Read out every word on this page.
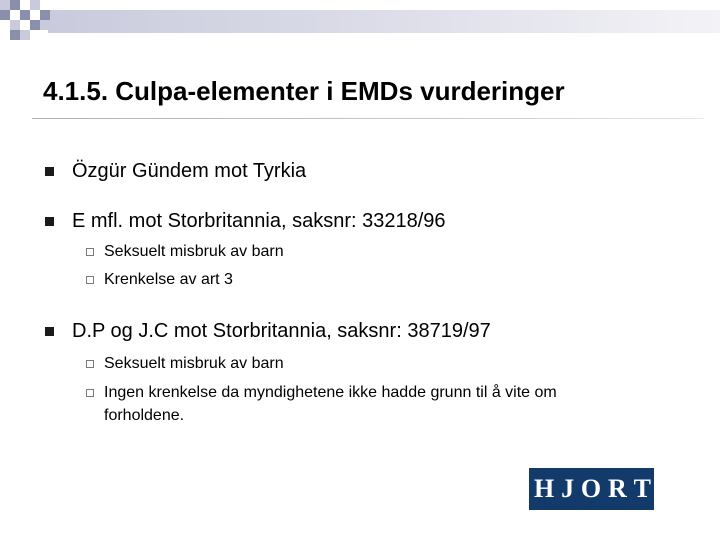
4.1.5. Culpa-elementer i EMDs vurderinger
Özgür Gündem mot Tyrkia
E mfl. mot Storbritannia, saksnr: 33218/96
Seksuelt misbruk av barn
Krenkelse av art 3
D.P og J.C mot Storbritannia, saksnr: 38719/97
Seksuelt misbruk av barn
Ingen krenkelse da myndighetene ikke hadde grunn til å vite om
forholdene.
H J O R T
